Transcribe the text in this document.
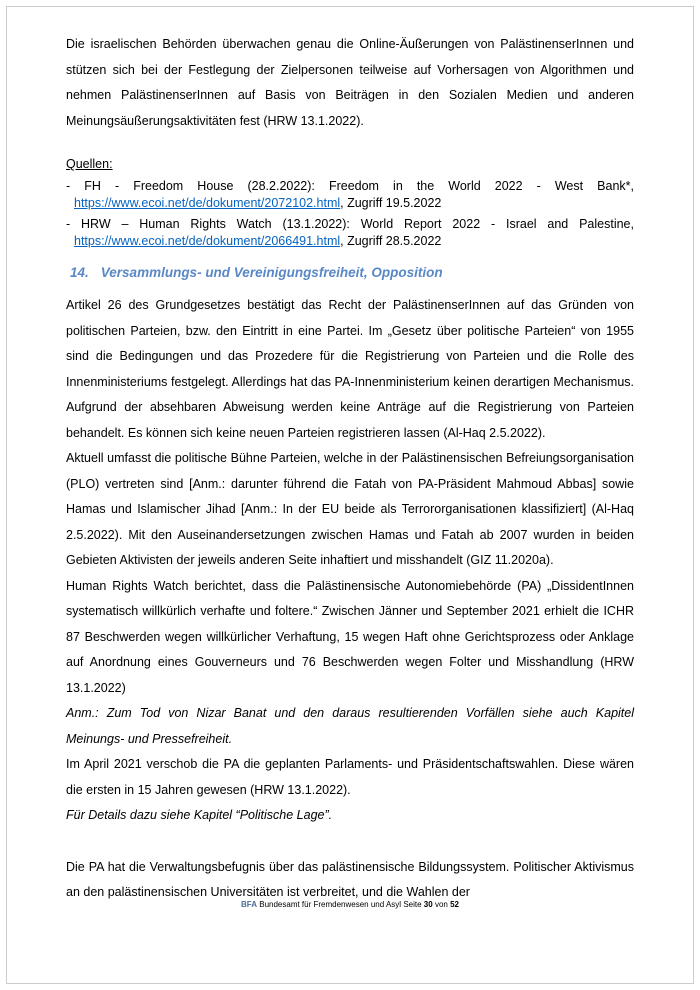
Die israelischen Behörden überwachen genau die Online-Äußerungen von PalästinenserInnen und stützen sich bei der Festlegung der Zielpersonen teilweise auf Vorhersagen von Algorithmen und nehmen PalästinenserInnen auf Basis von Beiträgen in den Sozialen Medien und anderen Meinungsäußerungsaktivitäten fest (HRW 13.1.2022).

Quellen:
- FH - Freedom House (28.2.2022): Freedom in the World 2022 - West Bank*, https://www.ecoi.net/de/dokument/2072102.html, Zugriff 19.5.2022
- HRW – Human Rights Watch (13.1.2022): World Report 2022 - Israel and Palestine, https://www.ecoi.net/de/dokument/2066491.html, Zugriff 28.5.2022
14. Versammlungs- und Vereinigungsfreiheit, Opposition

Artikel 26 des Grundgesetzes bestätigt das Recht der PalästinenserInnen auf das Gründen von politischen Parteien, bzw. den Eintritt in eine Partei. Im „Gesetz über politische Parteien“ von 1955 sind die Bedingungen und das Prozedere für die Registrierung von Parteien und die Rolle des Innenministeriums festgelegt. Allerdings hat das PA-Innenministerium keinen derartigen Mechanismus. Aufgrund der absehbaren Abweisung werden keine Anträge auf die Registrierung von Parteien behandelt. Es können sich keine neuen Parteien registrieren lassen (Al-Haq 2.5.2022).

Aktuell umfasst die politische Bühne Parteien, welche in der Palästinensischen Befreiungsorganisation (PLO) vertreten sind [Anm.: darunter führend die Fatah von PA-Präsident Mahmoud Abbas] sowie Hamas und Islamischer Jihad [Anm.: In der EU beide als Terrororganisationen klassifiziert] (Al-Haq 2.5.2022). Mit den Auseinandersetzungen zwischen Hamas und Fatah ab 2007 wurden in beiden Gebieten Aktivisten der jeweils anderen Seite inhaftiert und misshandelt (GIZ 11.2020a).

Human Rights Watch berichtet, dass die Palästinensische Autonomiebehörde (PA) „DissidentInnen systematisch willkürlich verhafte und foltere.“ Zwischen Jänner und September 2021 erhielt die ICHR 87 Beschwerden wegen willkürlicher Verhaftung, 15 wegen Haft ohne Gerichtsprozess oder Anklage auf Anordnung eines Gouverneurs und 76 Beschwerden wegen Folter und Misshandlung (HRW 13.1.2022)

Anm.: Zum Tod von Nizar Banat und den daraus resultierenden Vorfällen siehe auch Kapitel Meinungs- und Pressefreiheit.

Im April 2021 verschob die PA die geplanten Parlaments- und Präsidentschaftswahlen. Diese wären die ersten in 15 Jahren gewesen (HRW 13.1.2022).

Für Details dazu siehe Kapitel “Politische Lage”.

Die PA hat die Verwaltungsbefugnis über das palästinensische Bildungssystem. Politischer Aktivismus an den palästinensischen Universitäten ist verbreitet, und die Wahlen der

BFA Bundesamt für Fremdenwesen und Asyl Seite 30 von 52
